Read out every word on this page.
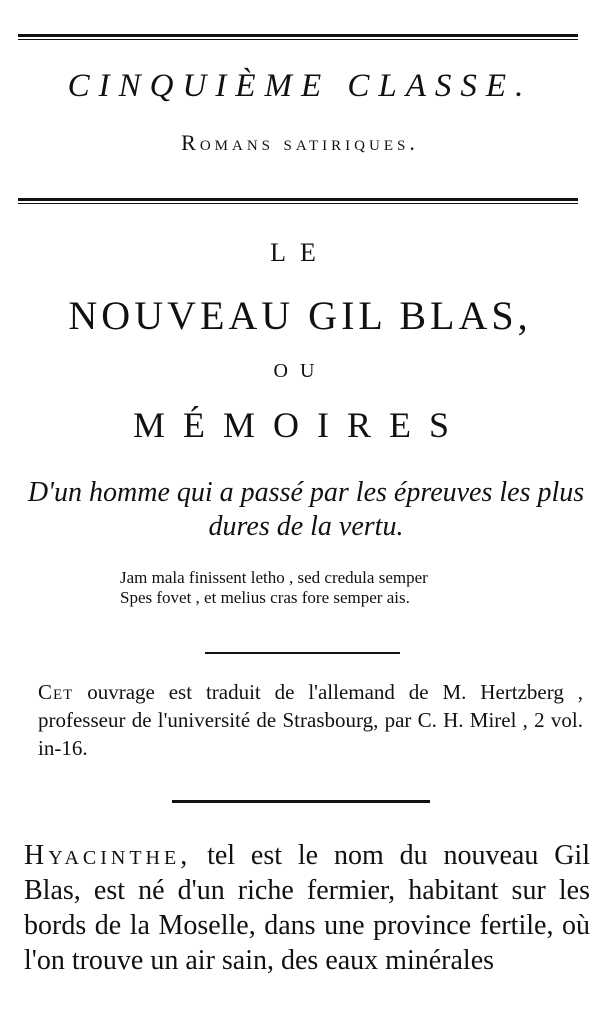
CINQUIÈME CLASSE.
Romans satiriques.
LE
NOUVEAU GIL BLAS,
OU
MÉMOIRES
D'un homme qui a passé par les épreuves les plus dures de la vertu.
Jam mala finissent letho , sed credula semper
Spes fovet , et melius cras fore semper ais.
Cet ouvrage est traduit de l'allemand de M. Hertzberg , professeur de l'université de Strasbourg, par C. H. Mirel , 2 vol. in-16.
Hyacinthe, tel est le nom du nouveau Gil Blas, est né d'un riche fermier, habitant sur les bords de la Moselle, dans une province fertile, où l'on trouve un air sain, des eaux minérales
